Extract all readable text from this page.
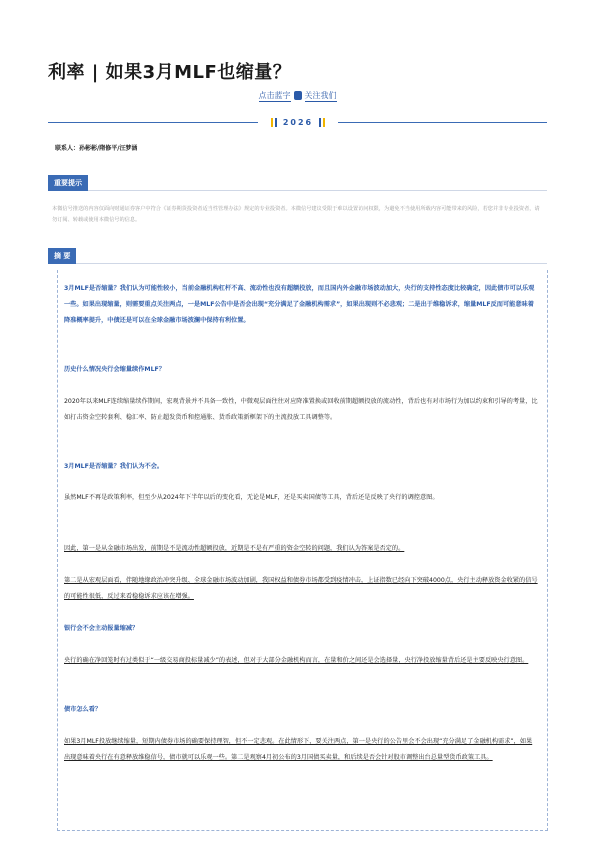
利率 | 如果3月MLF也缩量？
点击蓝字 关注我们
2026
联系人：孙彬彬/隋修平/汪梦涵
重要提示
本微信号推送的内容仅面向财通证券客户中符合《证券期货投资者适当性管理办法》规定的专业投资者。本微信号建议受限于难以设置访问权限，为避免不当使用所载内容可能带来的风险，若您并非专业投资者，请勿订阅、转载或使用本微信号的信息。
摘 要
3月MLF是否缩量？我们认为可能性较小，当前金融机构杠杆不高、流动性也没有超额投放，而且国内外金融市场波动加大，央行的支持性态度比较确定，因此债市可以乐观一些。如果出现缩量，则需要重点关注两点，一是MLF公告中是否会出现“充分满足了金融机构需求”，如果出现则不必悲观；二是出于维稳诉求，缩量MLF反而可能意味着降准概率提升，中债还是可以在全球金融市场波澜中保持有利位置。
历史什么情况央行会缩量续作MLF？
2020年以来MLF连续缩量续作期间，宏观背景并不具备一致性，中微观层面往往对应降准置换或回收前期超额投放的流动性，背后也有对市场行为加以约束和引导的考量，比如打击资金空转套利、稳汇率、防止超发货币和控通胀、货币政策新框架下的主流投放工具调整等。
3月MLF是否缩量？我们认为不会。
虽然MLF不再是政策利率，但至少从2024年下半年以后的变化看，无论是MLF，还是买卖国债等工具，背后还是反映了央行的调控意图。
因此，第一是从金融市场出发，前期是不是流动性超额投放，近期是不是有严重的资金空转的问题，我们认为答案是否定的。
第二是从宏观层面看，伴随地缘政治冲突升级、全球金融市场波动加剧，我国权益和债券市场都受到疫情冲击，上证指数已经向下突破4000点，央行主动释放资金收紧的信号的可能性很低，反过来看稳稳诉求应该在增强。
银行会不会主动报量缩减？
央行的确在净回笼时有过类似于“一级交易商投标量减少”的表述，但对于大部分金融机构而言，在量和价之间还是会选择量，央行净投放缩量背后还是主要反映央行意图。
债市怎么看？
如果3月MLF投放继续缩量，短期内债券市场的确要保持理智，但不一定悲观。在此情形下，要关注两点，第一是央行的公告里会不会出现“充分满足了金融机构需求”，如果出现意味着央行在有意释放维稳信号，债市就可以乐观一些。第二是观察4月初公布的3月国债买卖量，和后续是否会针对股市调整出台总量型货币政策工具。
